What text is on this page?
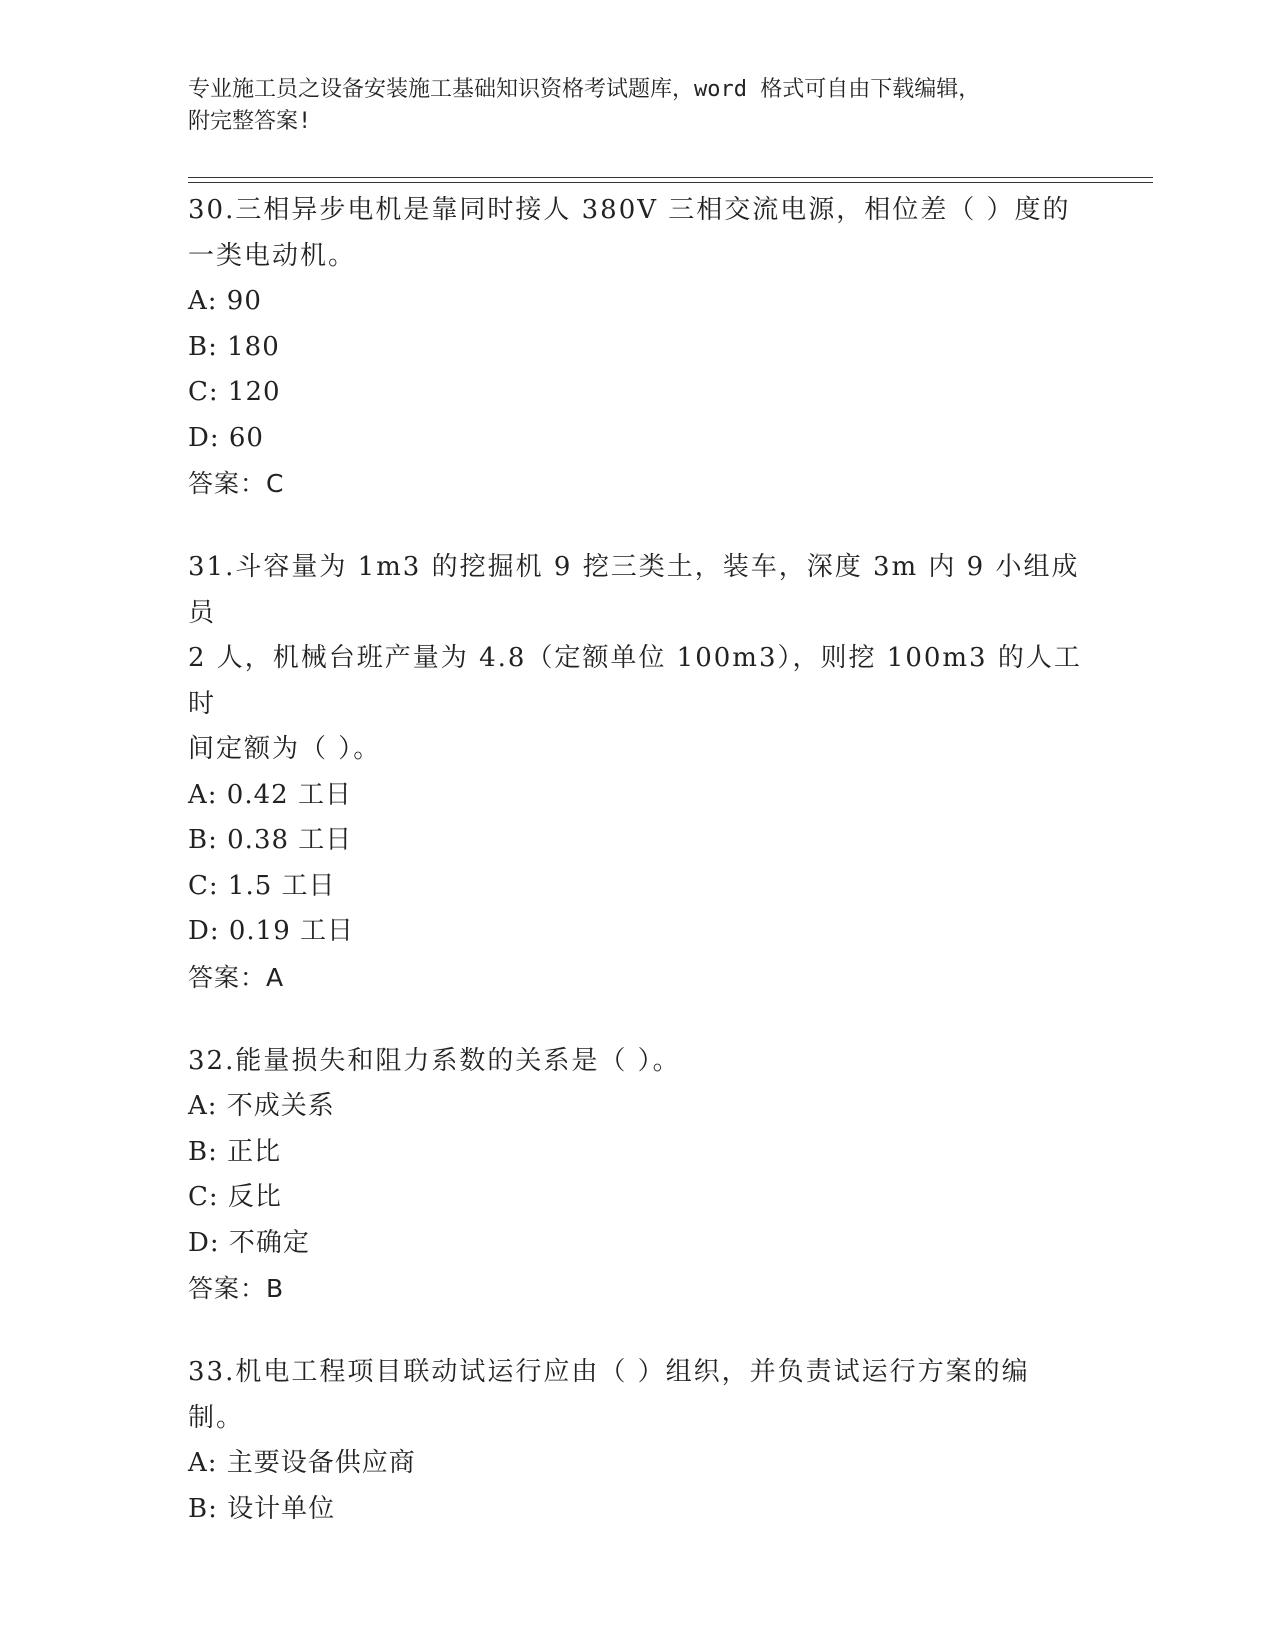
专业施工员之设备安装施工基础知识资格考试题库，word 格式可自由下载编辑，
附完整答案!
30.三相异步电机是靠同时接人 380V 三相交流电源，相位差（ ）度的
一类电动机。
A: 90
B: 180
C: 120
D: 60
答案：C
31.斗容量为 1m3 的挖掘机 9 挖三类土，装车，深度 3m 内 9 小组成员
2 人，机械台班产量为 4.8（定额单位 100m3），则挖 100m3 的人工时
间定额为（ ）。
A: 0.42 工日
B: 0.38 工日
C: 1.5 工日
D: 0.19 工日
答案：A
32.能量损失和阻力系数的关系是（ ）。
A: 不成关系
B: 正比
C: 反比
D: 不确定
答案：B
33.机电工程项目联动试运行应由（ ）组织，并负责试运行方案的编
制。
A: 主要设备供应商
B: 设计单位
